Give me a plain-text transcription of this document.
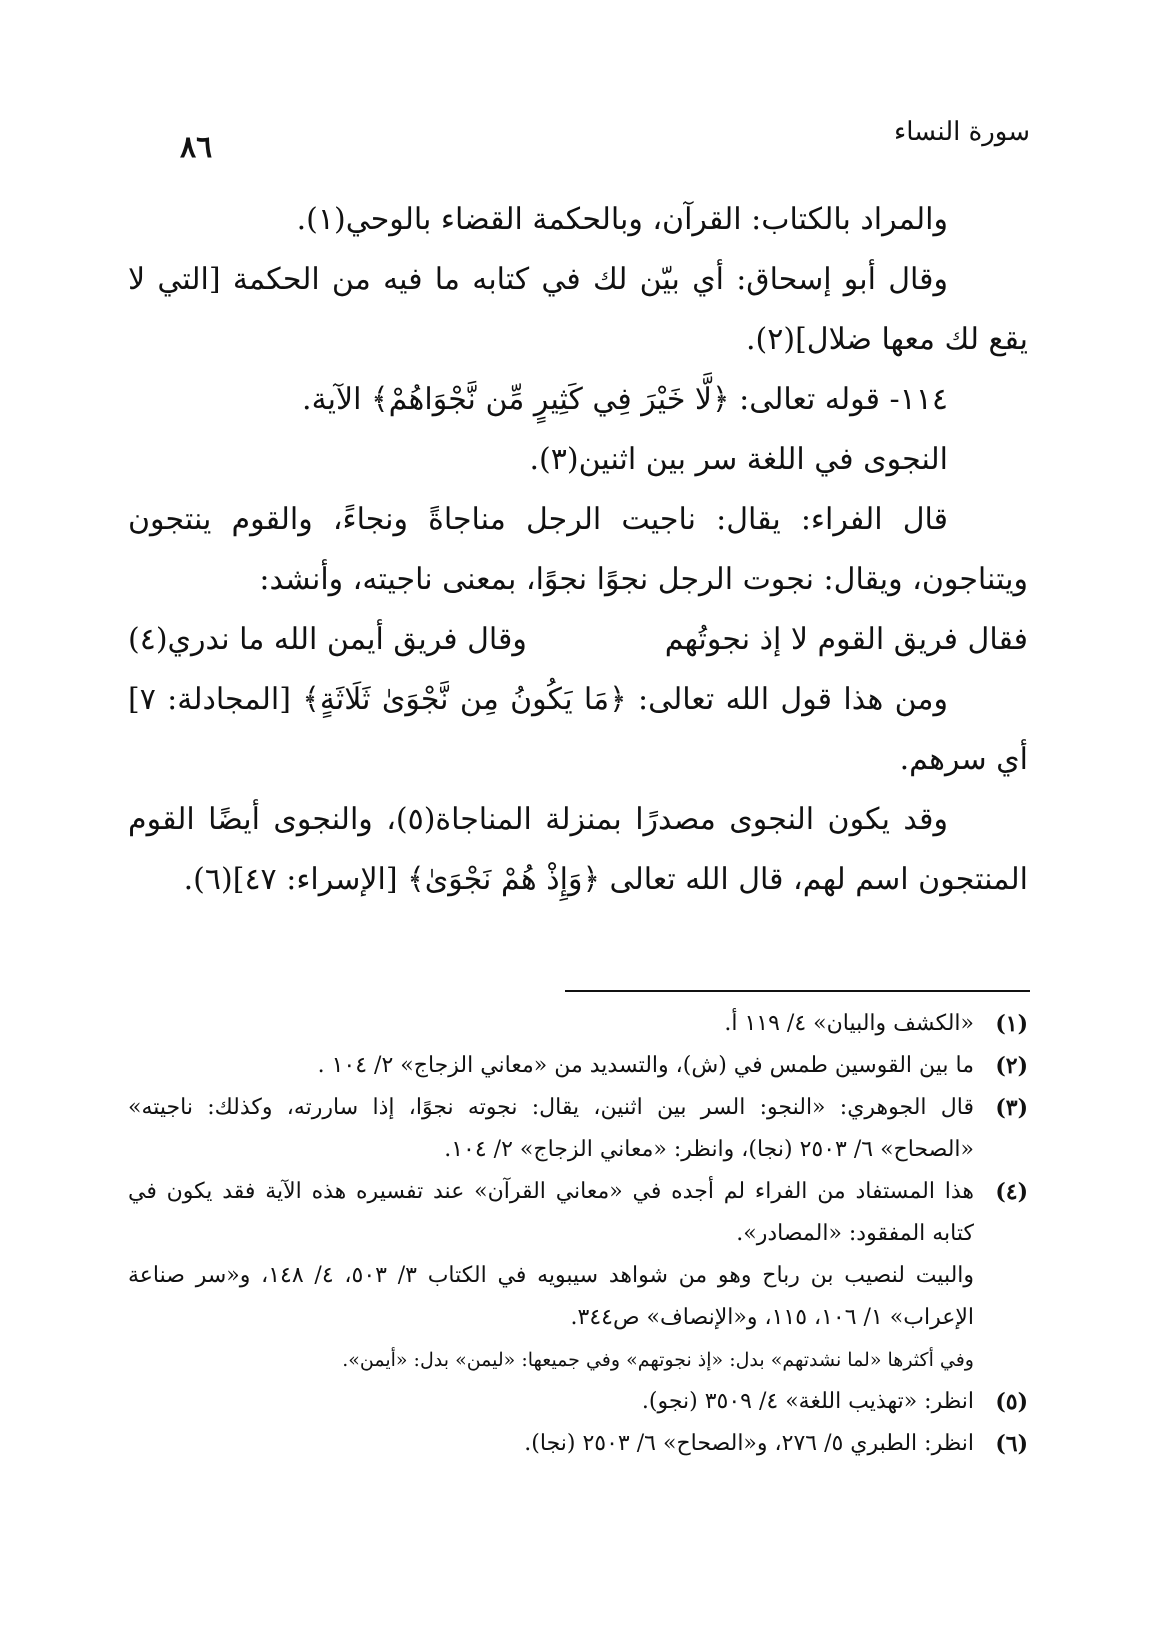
سورة النساء
٨٦

والمراد بالكتاب: القرآن، وبالحكمة القضاء بالوحي(١).

وقال أبو إسحاق: أي بيّن لك في كتابه ما فيه من الحكمة [التي لا يقع لك معها ضلال](٢).

١١٤- قوله تعالى: ﴿لَّا خَيْرَ فِي كَثِيرٍ مِّن نَّجْوَاهُمْ﴾ الآية.

النجوى في اللغة سر بين اثنين(٣).

قال الفراء: يقال: ناجيت الرجل مناجاةً ونجاءً، والقوم ينتجون ويتناجون، ويقال: نجوت الرجل نجوًا نجوًا، بمعنى ناجيته، وأنشد:

فقال فريق القوم لا إذ نجوتُهم
وقال فريق أيمن الله ما ندري(٤)

ومن هذا قول الله تعالى: ﴿مَا يَكُونُ مِن نَّجْوَىٰ ثَلَاثَةٍ﴾ [المجادلة: ٧] أي سرهم.

وقد يكون النجوى مصدرًا بمنزلة المناجاة(٥)، والنجوى أيضًا القوم المنتجون اسم لهم، قال الله تعالى ﴿وَإِذْ هُمْ نَجْوَىٰ﴾ [الإسراء: ٤٧](٦).

(١)
«الكشف والبيان» ٤/ ١١٩ أ.
(٢)
ما بين القوسين طمس في (ش)، والتسديد من «معاني الزجاج» ٢/ ١٠٤ .
(٣)
قال الجوهري: «النجو: السر بين اثنين، يقال: نجوته نجوًا، إذا ساررته، وكذلك: ناجيته» «الصحاح» ٦/ ٢٥٠٣ (نجا)، وانظر: «معاني الزجاج» ٢/ ١٠٤.
(٤)
هذا المستفاد من الفراء لم أجده في «معاني القرآن» عند تفسيره هذه الآية فقد يكون في كتابه المفقود: «المصادر».

والبيت لنصيب بن رباح وهو من شواهد سيبويه في الكتاب ٣/ ٥٠٣، ٤/ ١٤٨، و«سر صناعة الإعراب» ١/ ١٠٦، ١١٥، و«الإنصاف» ص٣٤٤.

وفي أكثرها «لما نشدتهم» بدل: «إذ نجوتهم» وفي جميعها: «ليمن» بدل: «أيمن».

(٥)
انظر: «تهذيب اللغة» ٤/ ٣٥٠٩ (نجو).
(٦)
انظر: الطبري ٥/ ٢٧٦، و«الصحاح» ٦/ ٢٥٠٣ (نجا).
